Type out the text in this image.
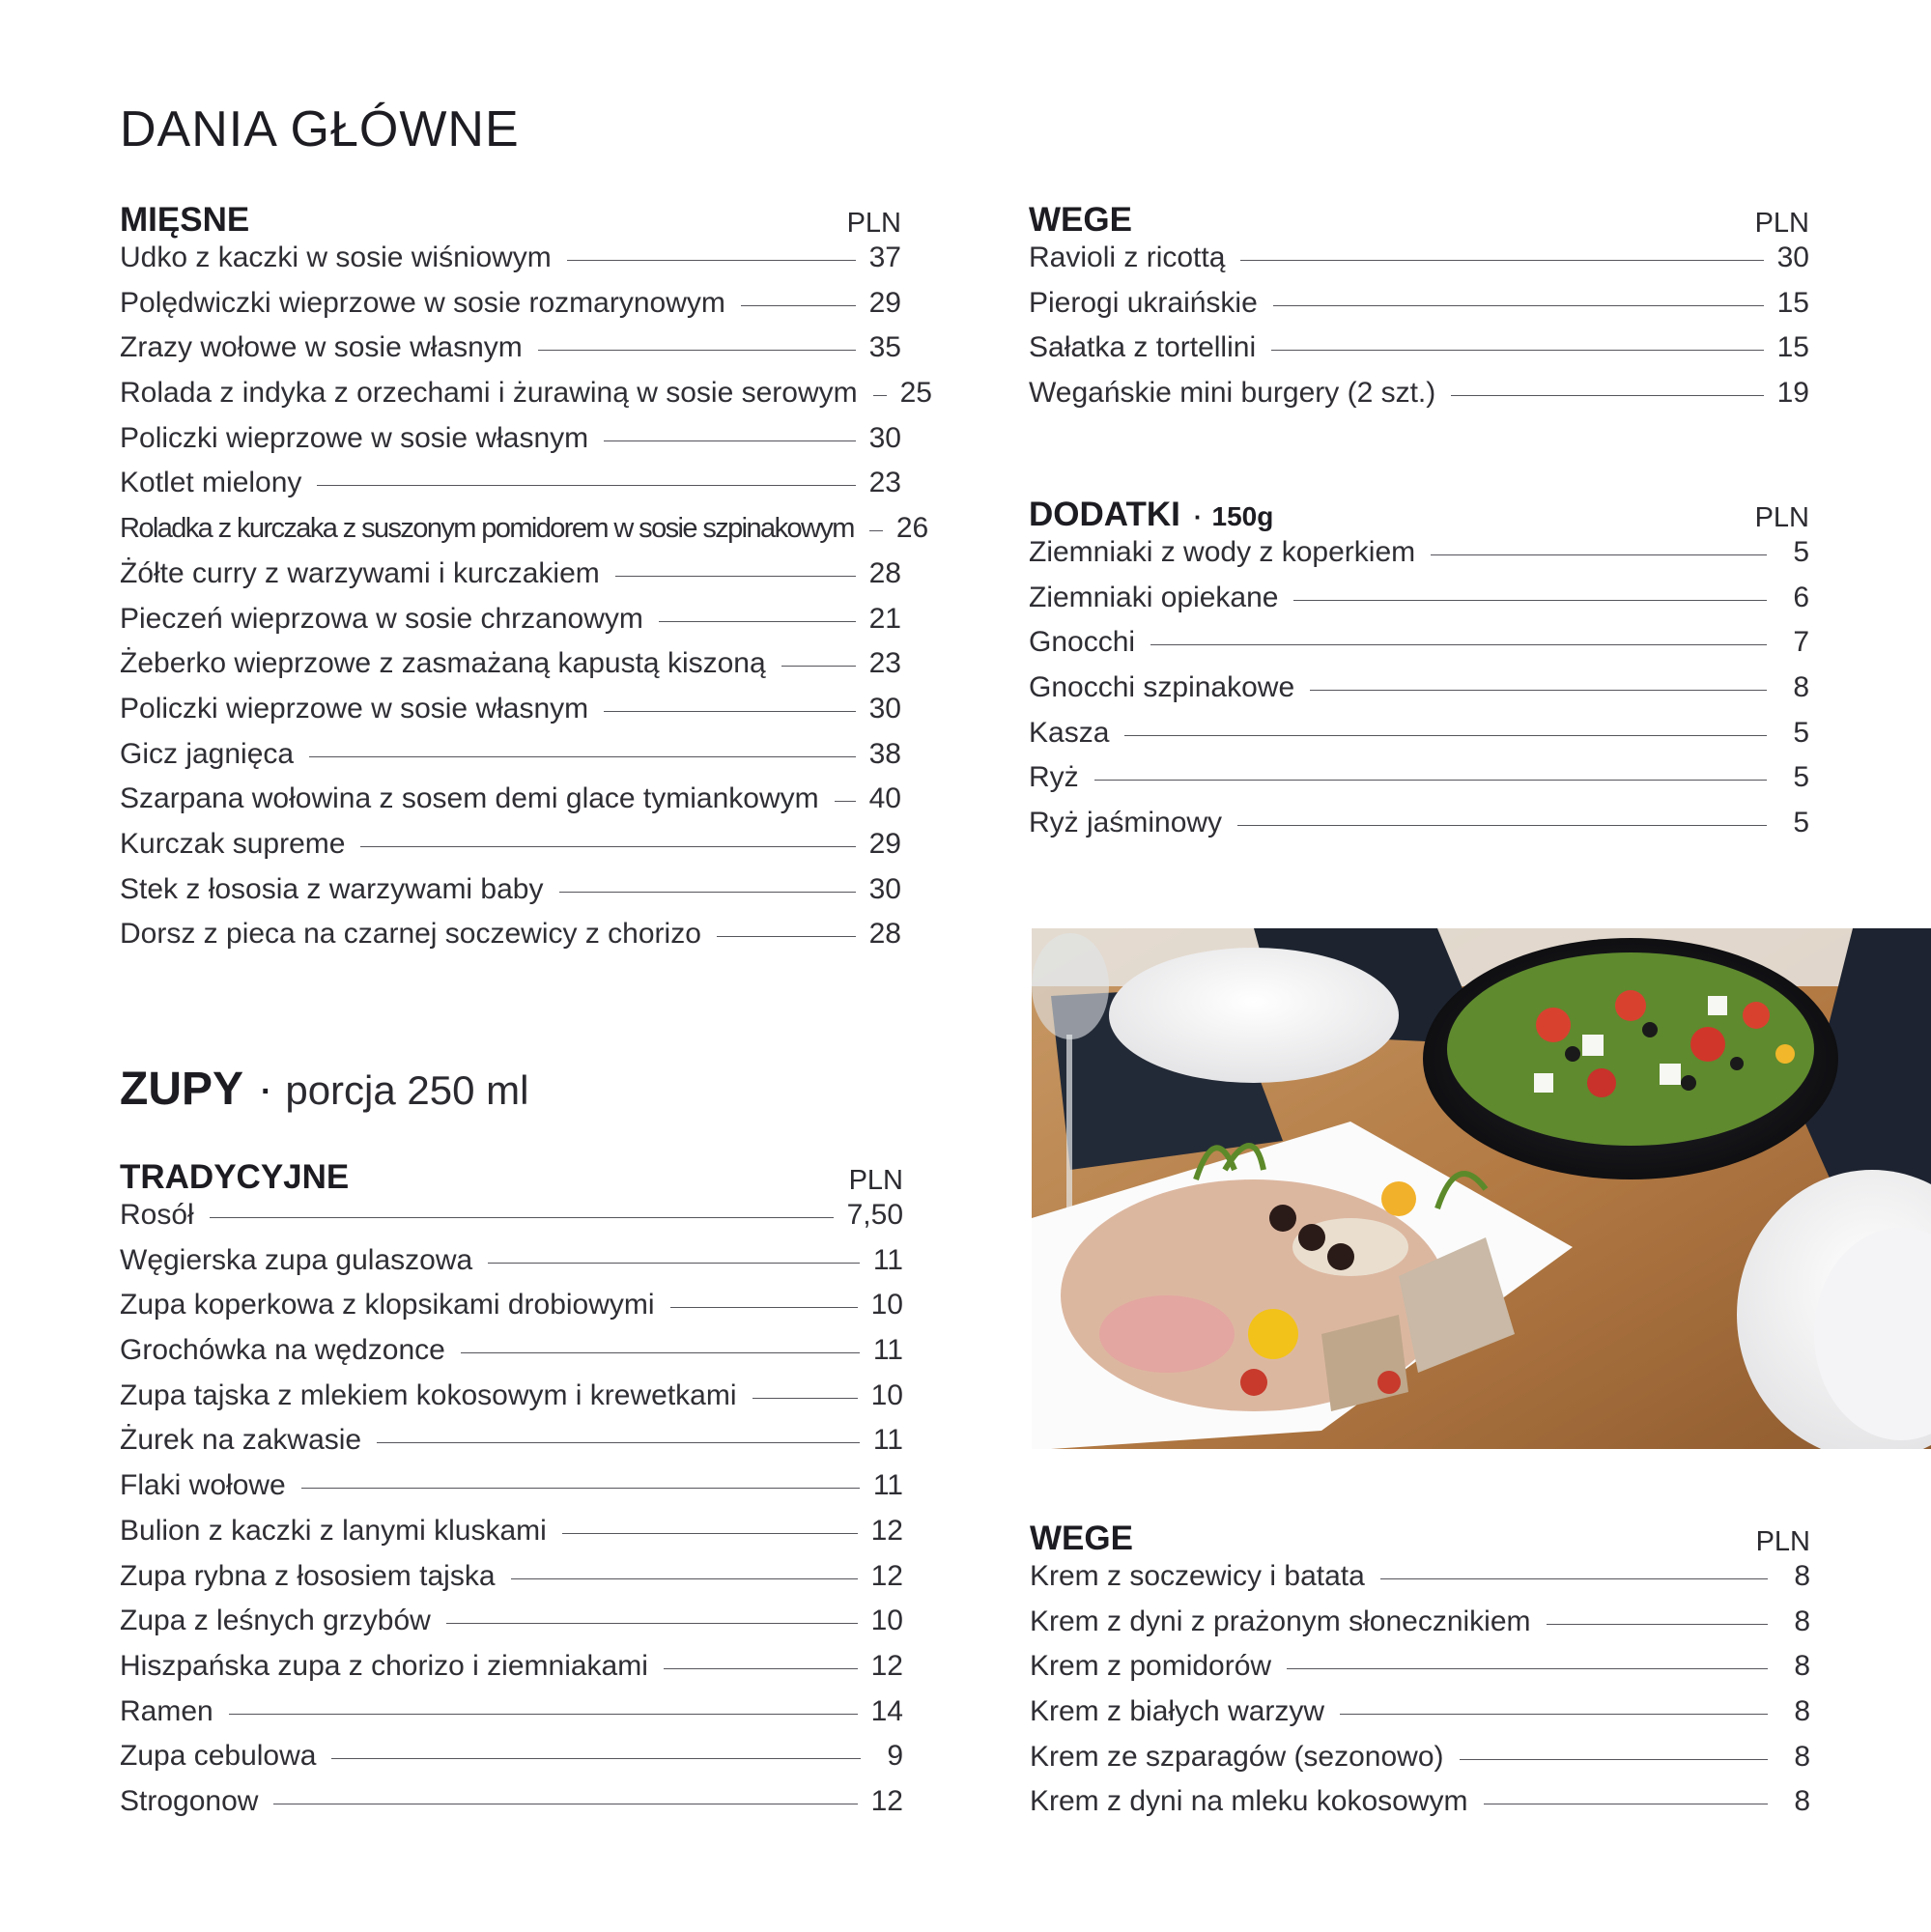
DANIA GŁÓWNE
MIĘSNE	PLN
Udko z kaczki w sosie wiśniowym	37
Polędwiczki wieprzowe w sosie rozmarynowym	29
Zrazy wołowe w sosie własnym	35
Rolada z indyka z orzechami i żurawiną w sosie serowym 25
Policzki wieprzowe w sosie własnym	30
Kotlet mielony	23
Roladka z kurczaka z suszonym pomidorem w sosie szpinakowym 26
Żółte curry z warzywami i kurczakiem	28
Pieczeń wieprzowa w sosie chrzanowym	21
Żeberko wieprzowe z zasmażaną kapustą kiszoną	23
Policzki wieprzowe w sosie własnym	30
Gicz jagnięca	38
Szarpana wołowina z sosem demi glace tymiankowym 40
Kurczak supreme	29
Stek z łososia z warzywami baby	30
Dorsz z pieca na czarnej soczewicy z chorizo	28
WEGE	PLN
Ravioli z ricottą	30
Pierogi ukraińskie	15
Sałatka z tortellini	15
Wegańskie mini burgery (2 szt.)	19
DODATKI · 150g	PLN
Ziemniaki z wody z koperkiem	5
Ziemniaki opiekane	6
Gnocchi	7
Gnocchi szpinakowe	8
Kasza	5
Ryż	5
Ryż jaśminowy	5
ZUPY · porcja 250 ml
TRADYCYJNE	PLN
Rosół	7,50
Węgierska zupa gulaszowa	11
Zupa koperkowa z klopsikami drobiowymi	10
Grochówka na wędzonce	11
Zupa tajska z mlekiem kokosowym i krewetkami	10
Żurek na zakwasie	11
Flaki wołowe	11
Bulion z kaczki z lanymi kluskami	12
Zupa rybna z łososiem tajska	12
Zupa z leśnych grzybów	10
Hiszpańska zupa z chorizo i ziemniakami	12
Ramen	14
Zupa cebulowa	9
Strogonow	12
WEGE	PLN
Krem z soczewicy i batata	8
Krem z dyni z prażonym słonecznikiem	8
Krem z pomidorów	8
Krem z białych warzyw	8
Krem ze szparagów (sezonowo)	8
Krem z dyni na mleku kokosowym	8
